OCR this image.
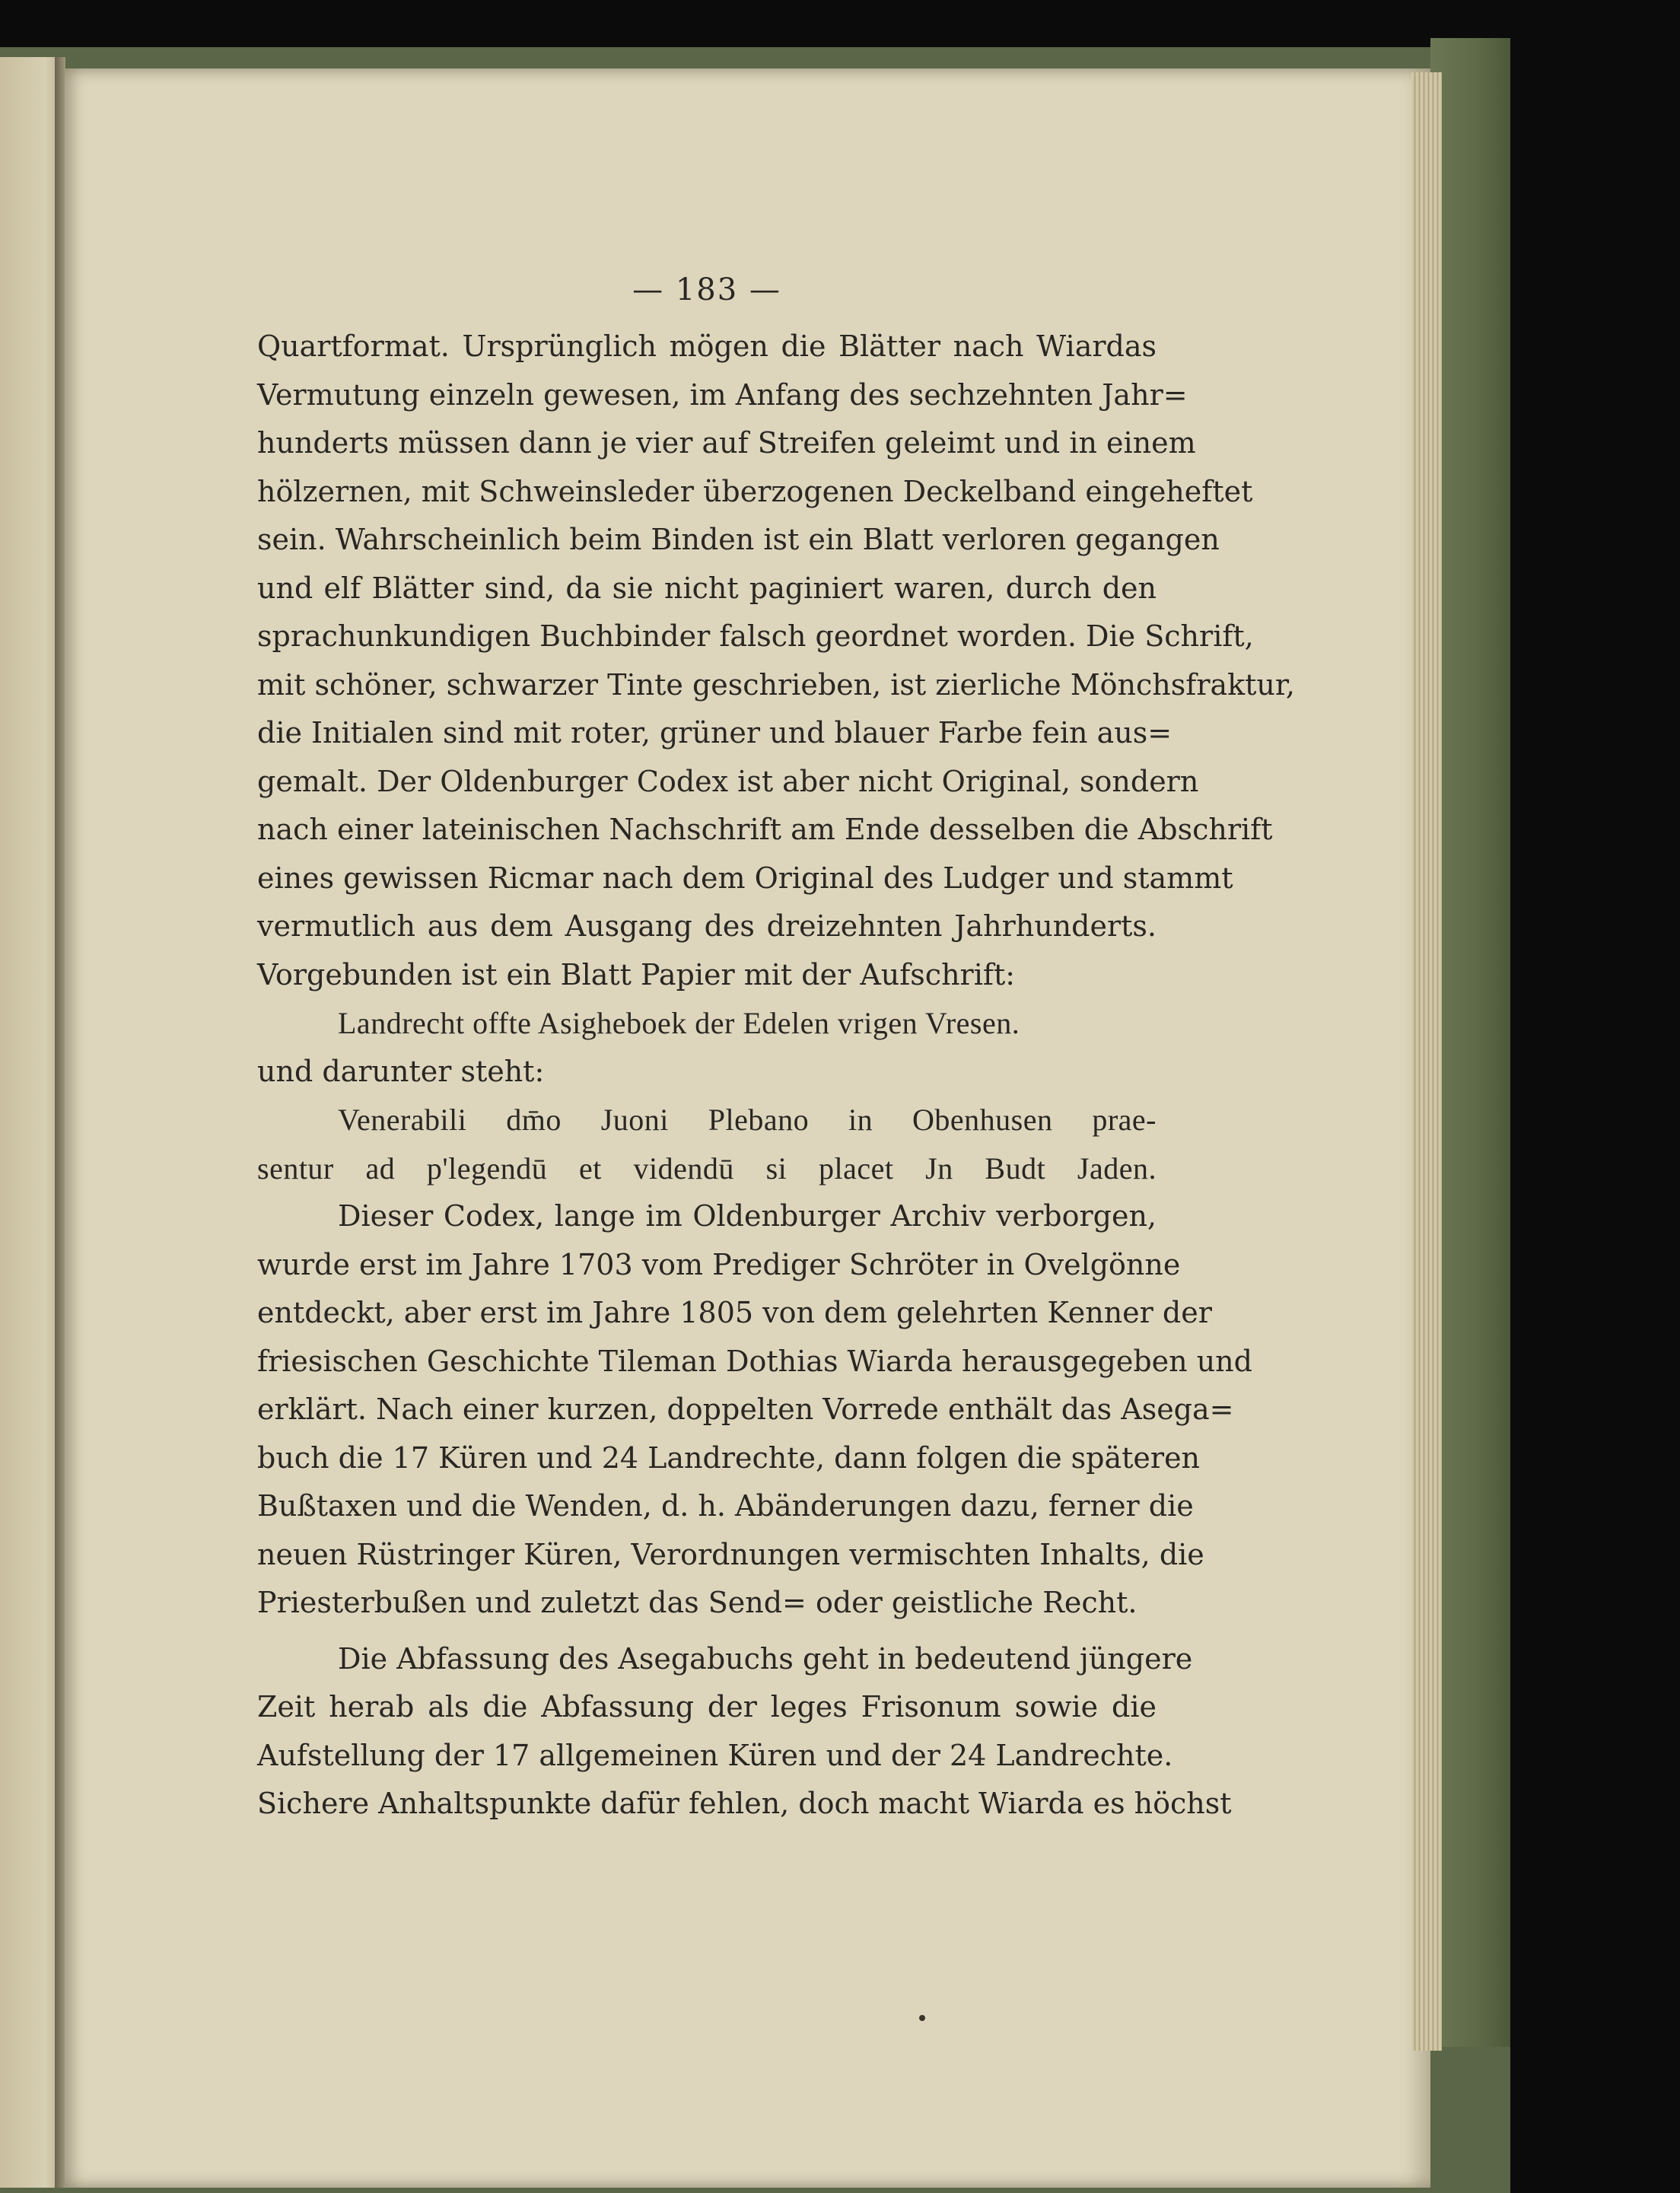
— 183 —
Quartformat. Ursprünglich mögen die Blätter nach Wiardas
Vermutung einzeln gewesen, im Anfang des sechzehnten Jahr=
hunderts müssen dann je vier auf Streifen geleimt und in einem
hölzernen, mit Schweinsleder überzogenen Deckelband eingeheftet
sein. Wahrscheinlich beim Binden ist ein Blatt verloren gegangen
und elf Blätter sind, da sie nicht paginiert waren, durch den
sprachunkundigen Buchbinder falsch geordnet worden. Die Schrift,
mit schöner, schwarzer Tinte geschrieben, ist zierliche Mönchsfraktur,
die Initialen sind mit roter, grüner und blauer Farbe fein aus=
gemalt. Der Oldenburger Codex ist aber nicht Original, sondern
nach einer lateinischen Nachschrift am Ende desselben die Abschrift
eines gewissen Ricmar nach dem Original des Ludger und stammt
vermutlich aus dem Ausgang des dreizehnten Jahrhunderts.
Vorgebunden ist ein Blatt Papier mit der Aufschrift:
Landrecht offte Asigheboek der Edelen vrigen Vresen.
und darunter steht:
Venerabili dm̄o Juoni Plebano in Obenhusen prae-
sentur ad p'legendū et videndū si placet Jn Budt Jaden.
Dieser Codex, lange im Oldenburger Archiv verborgen,
wurde erst im Jahre 1703 vom Prediger Schröter in Ovelgönne
entdeckt, aber erst im Jahre 1805 von dem gelehrten Kenner der
friesischen Geschichte Tileman Dothias Wiarda herausgegeben und
erklärt. Nach einer kurzen, doppelten Vorrede enthält das Asega=
buch die 17 Küren und 24 Landrechte, dann folgen die späteren
Bußtaxen und die Wenden, d. h. Abänderungen dazu, ferner die
neuen Rüstringer Küren, Verordnungen vermischten Inhalts, die
Priesterbußen und zuletzt das Send= oder geistliche Recht.
Die Abfassung des Asegabuchs geht in bedeutend jüngere
Zeit herab als die Abfassung der leges Frisonum sowie die
Aufstellung der 17 allgemeinen Küren und der 24 Landrechte.
Sichere Anhaltspunkte dafür fehlen, doch macht Wiarda es höchst
